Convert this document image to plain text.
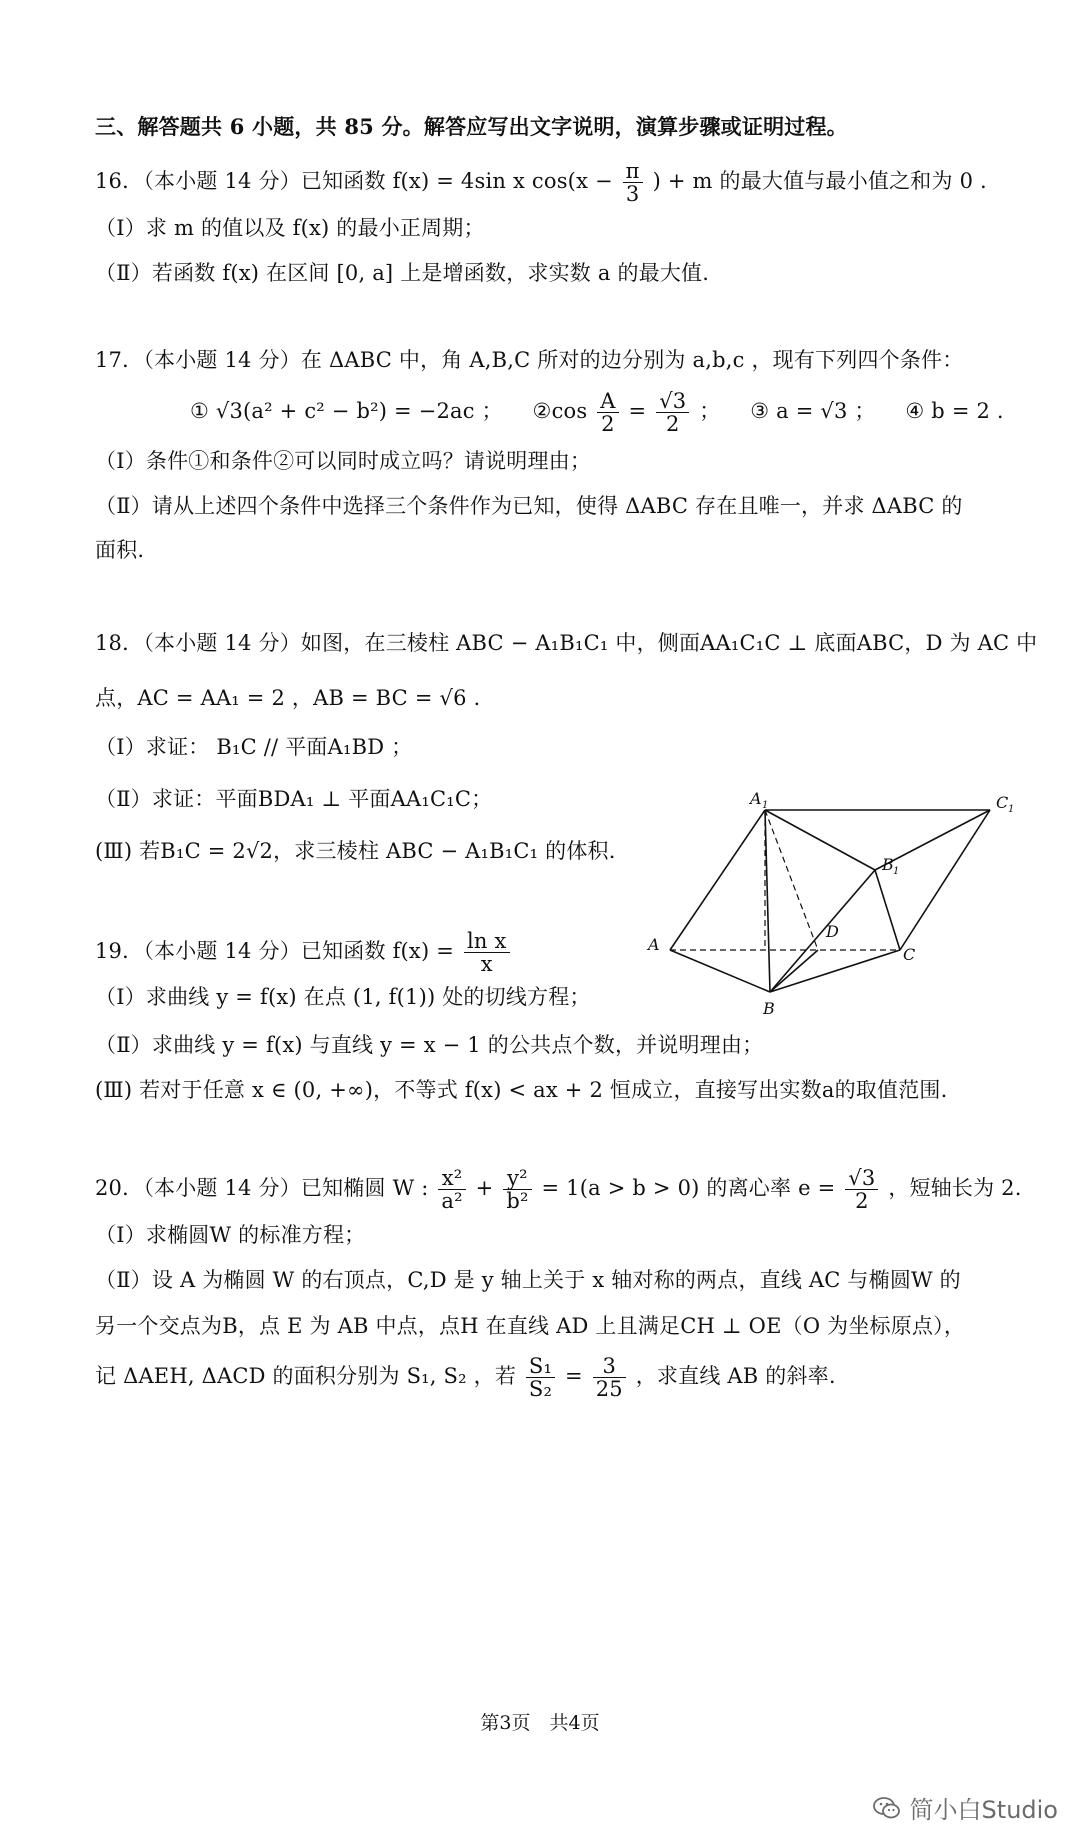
三、解答题共 6 小题，共 85 分。解答应写出文字说明，演算步骤或证明过程。
16．（本小题 14 分）已知函数 f(x) = 4sin x $\cos(x - \frac{\pi}{3}$ ) + m 的最大值与最小值之和为 0 .
（Ⅰ）求 m 的值以及 f(x) 的最小正周期；
（Ⅱ）若函数 f(x) 在区间 [0, a] 上是增函数，求实数 a 的最大值.
17．（本小题 14 分）在 ΔABC 中，角 A,B,C 所对的边分别为 a,b,c ，现有下列四个条件：
① √3(a² + c² − b²) = −2ac ； ②cos $\frac{A}{2} = \frac{√3}{2}$ ； ③ a = √3 ； ④ b = 2 .
（Ⅰ）条件①和条件②可以同时成立吗？请说明理由；
（Ⅱ）请从上述四个条件中选择三个条件作为已知，使得 ΔABC 存在且唯一，并求 ΔABC 的
面积.
18．（本小题 14 分）如图，在三棱柱 ABC − A₁B₁C₁ 中，侧面AA₁C₁C ⊥ 底面ABC，D 为 AC 中
点，AC = AA₁ = 2 ，AB = BC = √6 .
（Ⅰ）求证： B₁C // 平面A₁BD ；
（Ⅱ）求证：平面BDA₁ ⊥ 平面AA₁C₁C；
(Ⅲ) 若B₁C = 2√2，求三棱柱 ABC − A₁B₁C₁ 的体积.
A 1	C 1
B 1
A
B
C
D
19．（本小题 14 分）已知函数 $f(x) = \frac{\text{ln x}}{x}$
（Ⅰ）求曲线 y = f(x) 在点 (1, f(1)) 处的切线方程；
（Ⅱ）求曲线 y = f(x) 与直线 y = x − 1 的公共点个数，并说明理由；
(Ⅲ) 若对于任意 x ∈ (0, +∞)，不等式 f(x) < ax + 2 恒成立，直接写出实数a的取值范围.
20．（本小题 14 分）已知椭圆 W : $\frac{\text{x²}}{\text{a²}} + \frac{\text{y²}}{\text{b²}} = 1(a > b > 0)$ 的离心率 $e = \frac{√3}{2}$ ，短轴长为 2.
（Ⅰ）求椭圆W 的标准方程；
（Ⅱ）设 A 为椭圆 W 的右顶点，C,D 是 y 轴上关于 x 轴对称的两点，直线 AC 与椭圆W 的
另一个交点为B，点 E 为 AB 中点，点H 在直线 AD 上且满足CH ⊥ OE（O 为坐标原点），
记 ΔAEH, ΔACD 的面积分别为 S₁, S₂ ，若 $\frac{\text{S₁}}{\text{S₂}} = \frac{3}{25}$ ，求直线 AB 的斜率.
第3页　共4页
简小白Studio
